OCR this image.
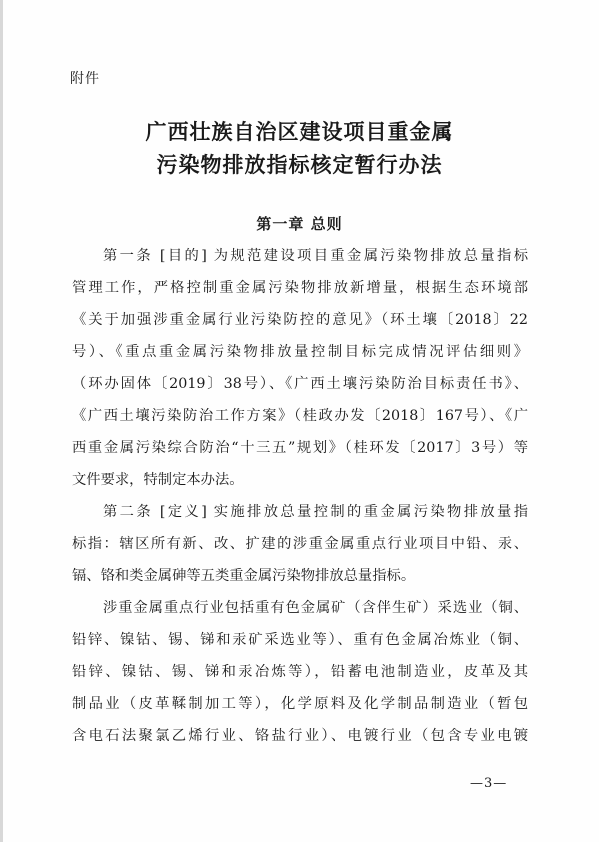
附件
广西壮族自治区建设项目重金属
污染物排放指标核定暂行办法
第一章 总则
第一条 [目的] 为规范建设项目重金属污染物排放总量指标
管理工作，严格控制重金属污染物排放新增量，根据生态环境部
《关于加强涉重金属行业污染防控的意见》（环土壤〔2018〕22
号）、《重点重金属污染物排放量控制目标完成情况评估细则》
（环办固体〔2019〕38号）、《广西土壤污染防治目标责任书》、
《广西土壤污染防治工作方案》（桂政办发〔2018〕167号）、《广
西重金属污染综合防治“十三五”规划》（桂环发〔2017〕3号）等
文件要求，特制定本办法。
第二条 [定义] 实施排放总量控制的重金属污染物排放量指
标指：辖区所有新、改、扩建的涉重金属重点行业项目中铅、汞、
镉、铬和类金属砷等五类重金属污染物排放总量指标。
涉重金属重点行业包括重有色金属矿（含伴生矿）采选业（铜、
铅锌、镍钴、锡、锑和汞矿采选业等）、重有色金属冶炼业（铜、
铅锌、镍钴、锡、锑和汞冶炼等），铅蓄电池制造业，皮革及其
制品业（皮革鞣制加工等），化学原料及化学制品制造业（暂包
含电石法聚氯乙烯行业、铬盐行业）、电镀行业（包含专业电镀
—3—
